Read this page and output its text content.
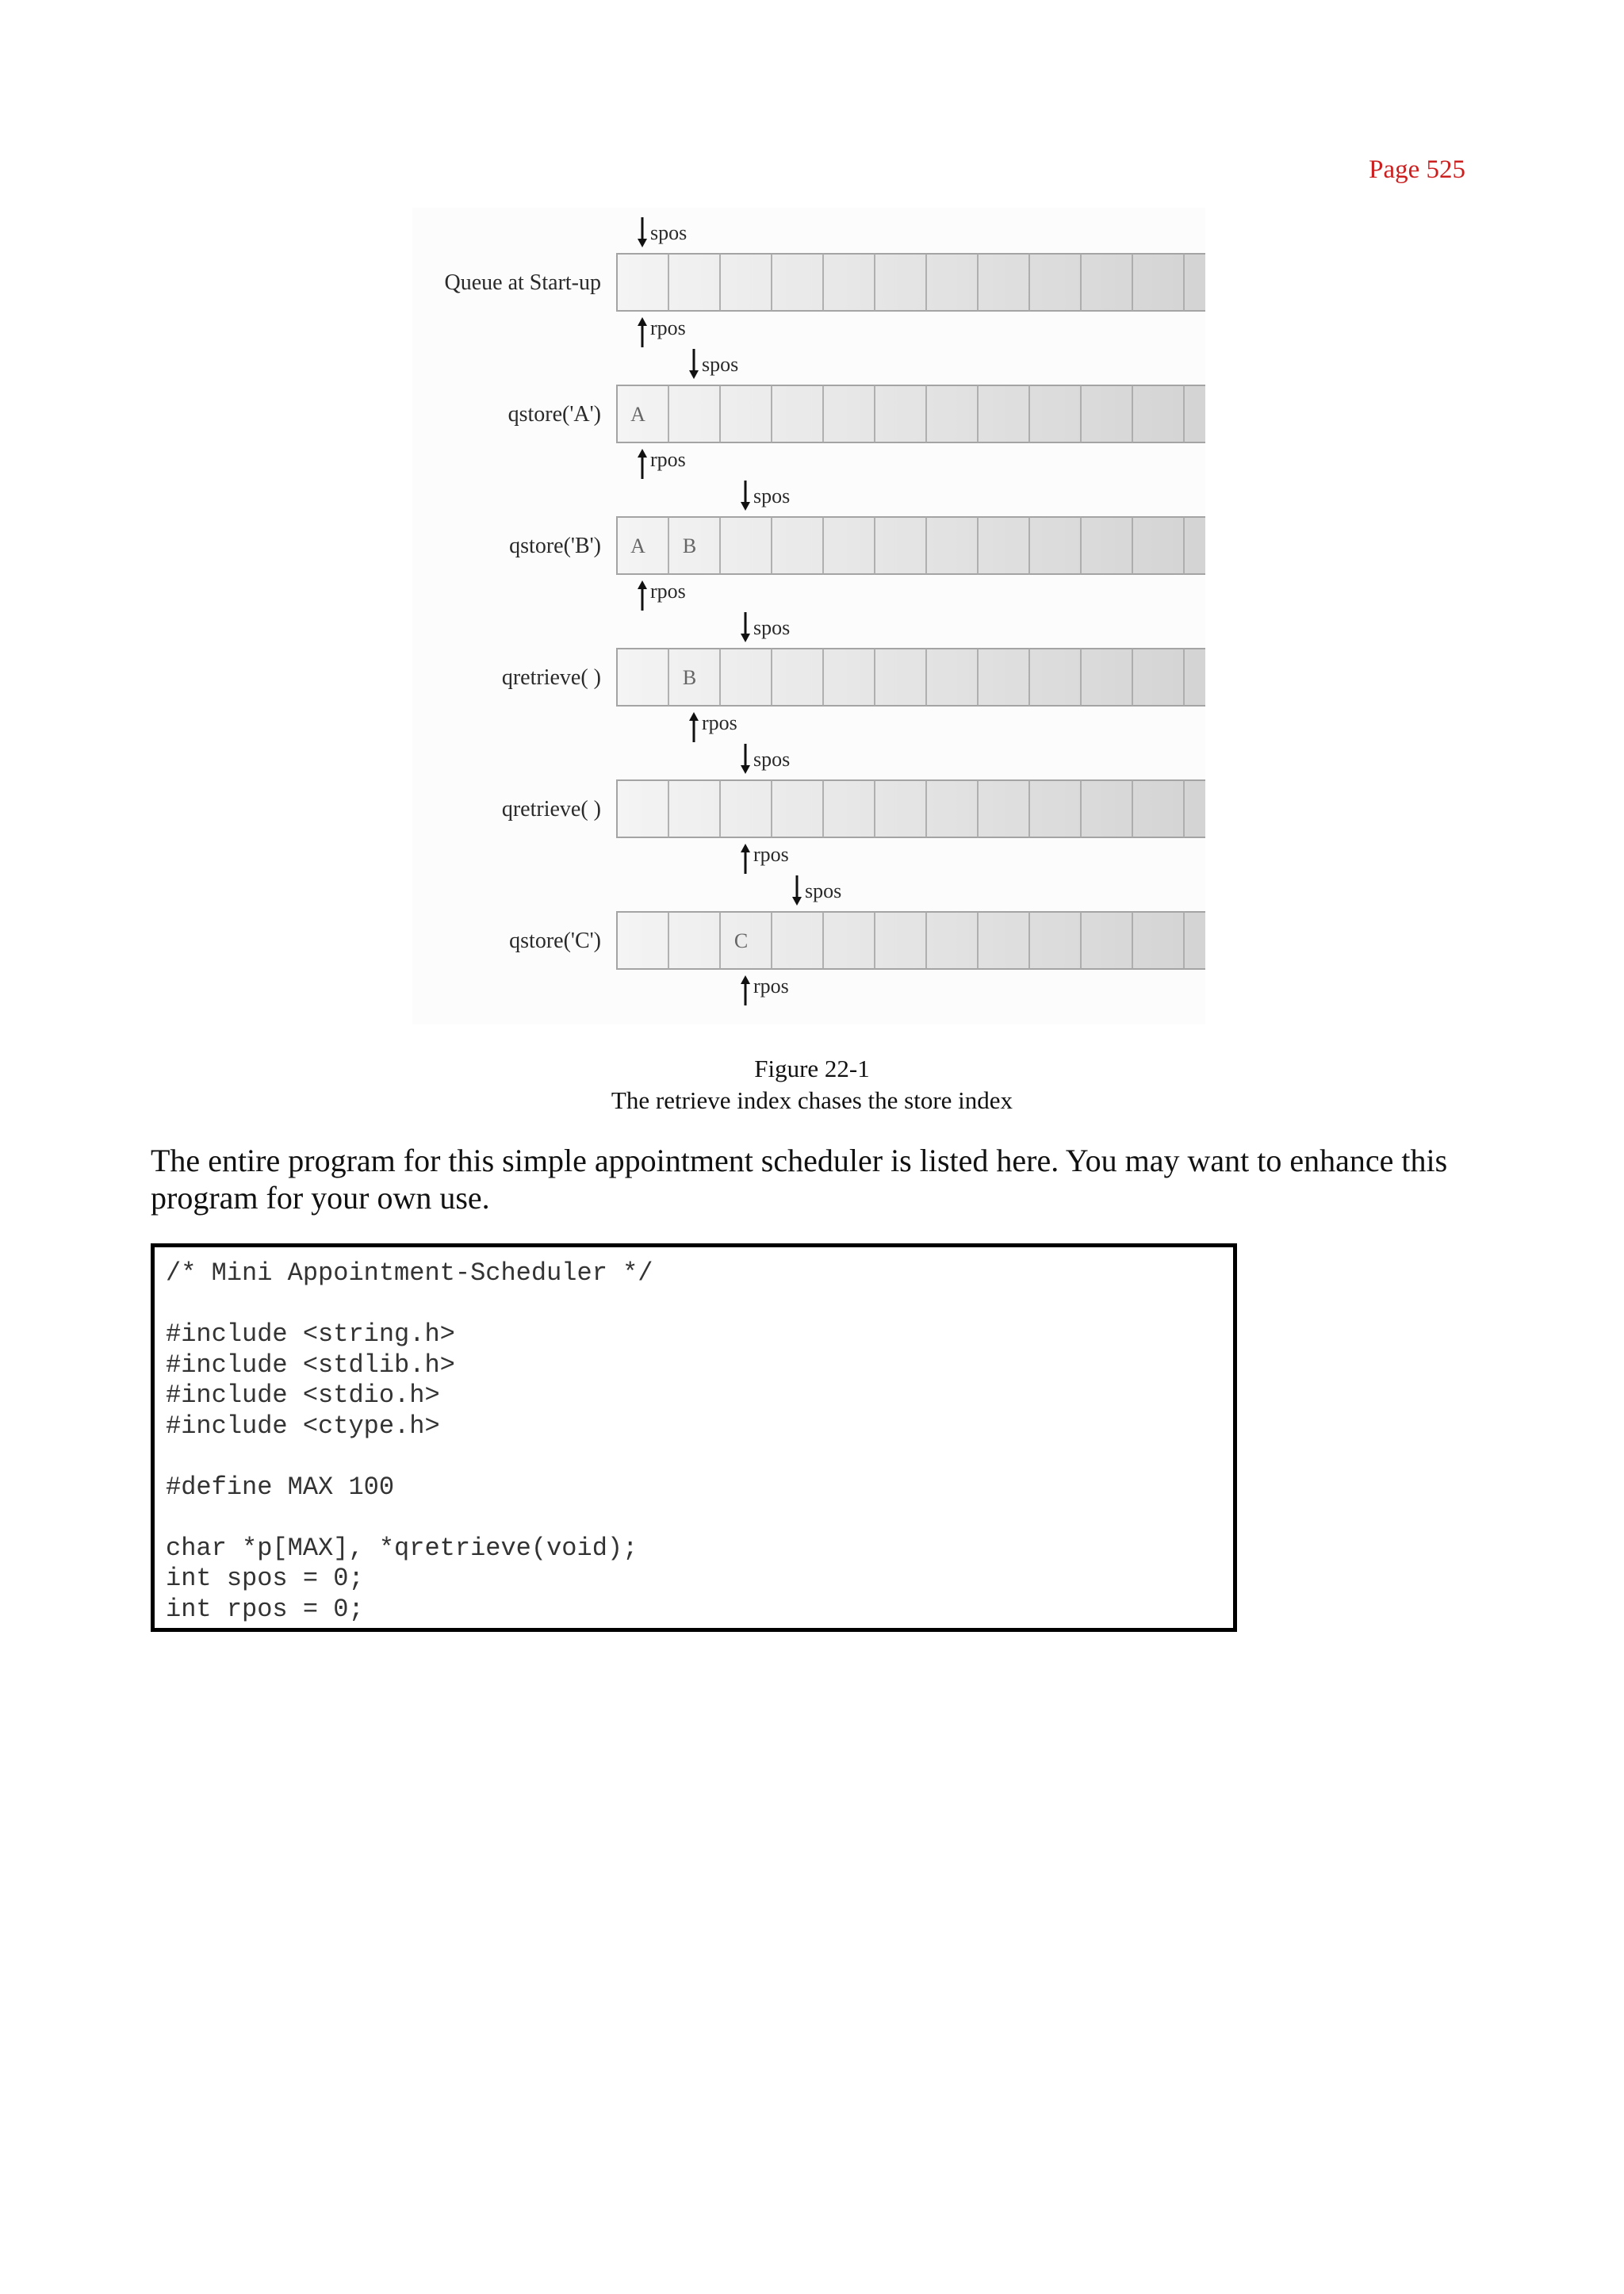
Page 525
Queue at Start-up
spos
rpos
qstore('A') A
spos
rpos
qstore('B') A B
spos
rpos
qretrieve( )	B
spos
rpos
qretrieve( )
spos
rpos
qstore('C')	C
spos
rpos
Figure 22-1
The retrieve index chases the store index
The entire program for this simple appointment scheduler is listed here. You may want to enhance this program for your own use.
/* Mini Appointment-Scheduler */
#include <string.h>
#include <stdlib.h>
#include <stdio.h>
#include <ctype.h>
#define MAX 100
char *p[MAX], *qretrieve(void);
int spos = 0;
int rpos = 0;
